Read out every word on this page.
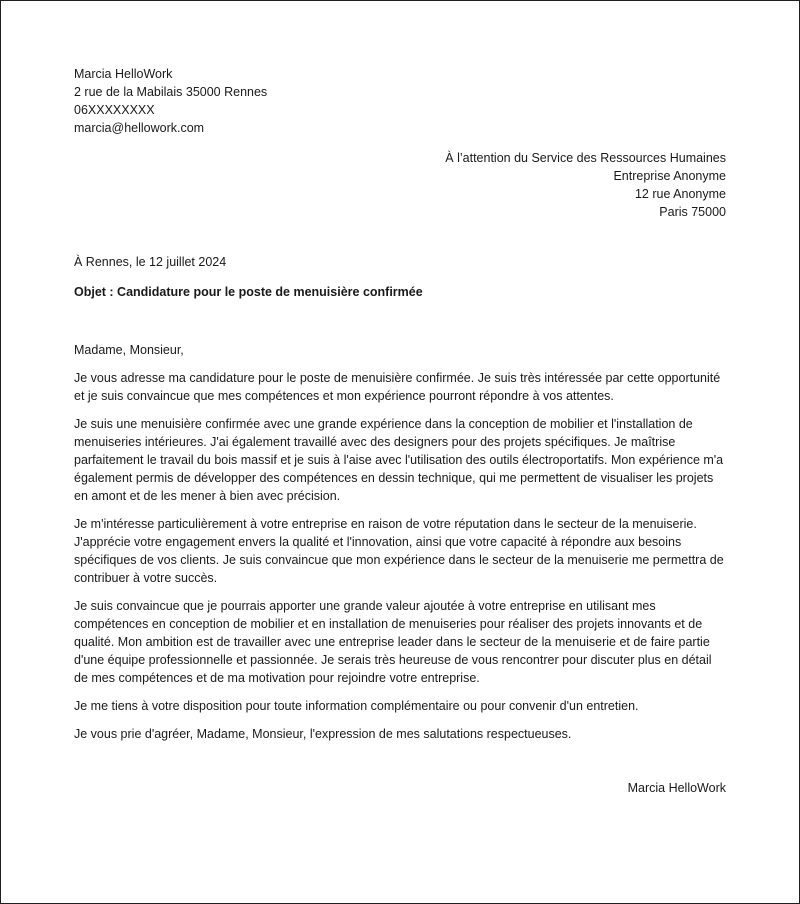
Marcia HelloWork
2 rue de la Mabilais 35000 Rennes
06XXXXXXXX
marcia@hellowork.com
À l’attention du Service des Ressources Humaines
Entreprise Anonyme
12 rue Anonyme
Paris 75000
À Rennes, le 12 juillet 2024
Objet : Candidature pour le poste de menuisière confirmée
Madame, Monsieur,

Je vous adresse ma candidature pour le poste de menuisière confirmée. Je suis très intéressée par cette opportunité et je suis convaincue que mes compétences et mon expérience pourront répondre à vos attentes.

Je suis une menuisière confirmée avec une grande expérience dans la conception de mobilier et l'installation de menuiseries intérieures. J'ai également travaillé avec des designers pour des projets spécifiques. Je maîtrise parfaitement le travail du bois massif et je suis à l'aise avec l'utilisation des outils électroportatifs. Mon expérience m'a également permis de développer des compétences en dessin technique, qui me permettent de visualiser les projets en amont et de les mener à bien avec précision.

Je m'intéresse particulièrement à votre entreprise en raison de votre réputation dans le secteur de la menuiserie. J'apprécie votre engagement envers la qualité et l'innovation, ainsi que votre capacité à répondre aux besoins spécifiques de vos clients. Je suis convaincue que mon expérience dans le secteur de la menuiserie me permettra de contribuer à votre succès.

Je suis convaincue que je pourrais apporter une grande valeur ajoutée à votre entreprise en utilisant mes compétences en conception de mobilier et en installation de menuiseries pour réaliser des projets innovants et de qualité. Mon ambition est de travailler avec une entreprise leader dans le secteur de la menuiserie et de faire partie d'une équipe professionnelle et passionnée. Je serais très heureuse de vous rencontrer pour discuter plus en détail de mes compétences et de ma motivation pour rejoindre votre entreprise.

Je me tiens à votre disposition pour toute information complémentaire ou pour convenir d'un entretien.

Je vous prie d'agréer, Madame, Monsieur, l'expression de mes salutations respectueuses.

Marcia HelloWork
